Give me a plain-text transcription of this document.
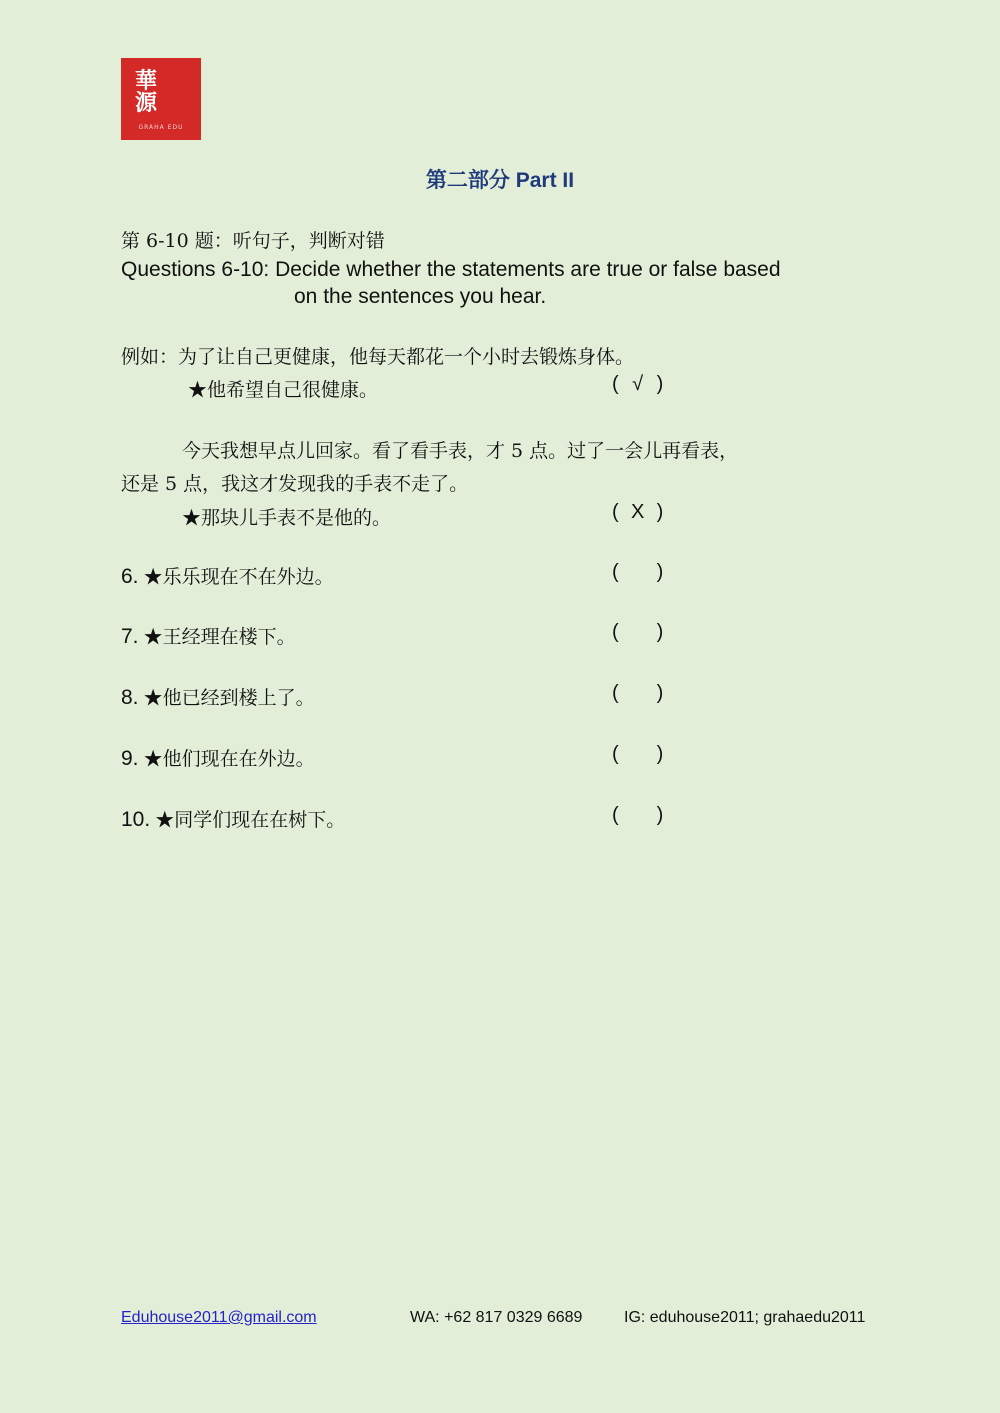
華
源
GRAHA EDU
第二部分 Part II
第 6-10 题：听句子，判断对错
Questions 6-10: Decide whether the statements are true or false based
on the sentences you hear.
例如：为了让自己更健康，他每天都花一个小时去锻炼身体。
★他希望自己很健康。	( √ )
今天我想早点儿回家。看了看手表，才 5 点。过了一会儿再看表，
还是 5 点，我这才发现我的手表不走了。
★那块儿手表不是他的。	( X )
6. ★乐乐现在不在外边。	( )
7. ★王经理在楼下。	( )
8. ★他已经到楼上了。	( )
9. ★他们现在在外边。	( )
10. ★同学们现在在树下。	( )
Eduhouse2011@gmail.com	WA: +62 817 0329 6689	IG: eduhouse2011; grahaedu2011
